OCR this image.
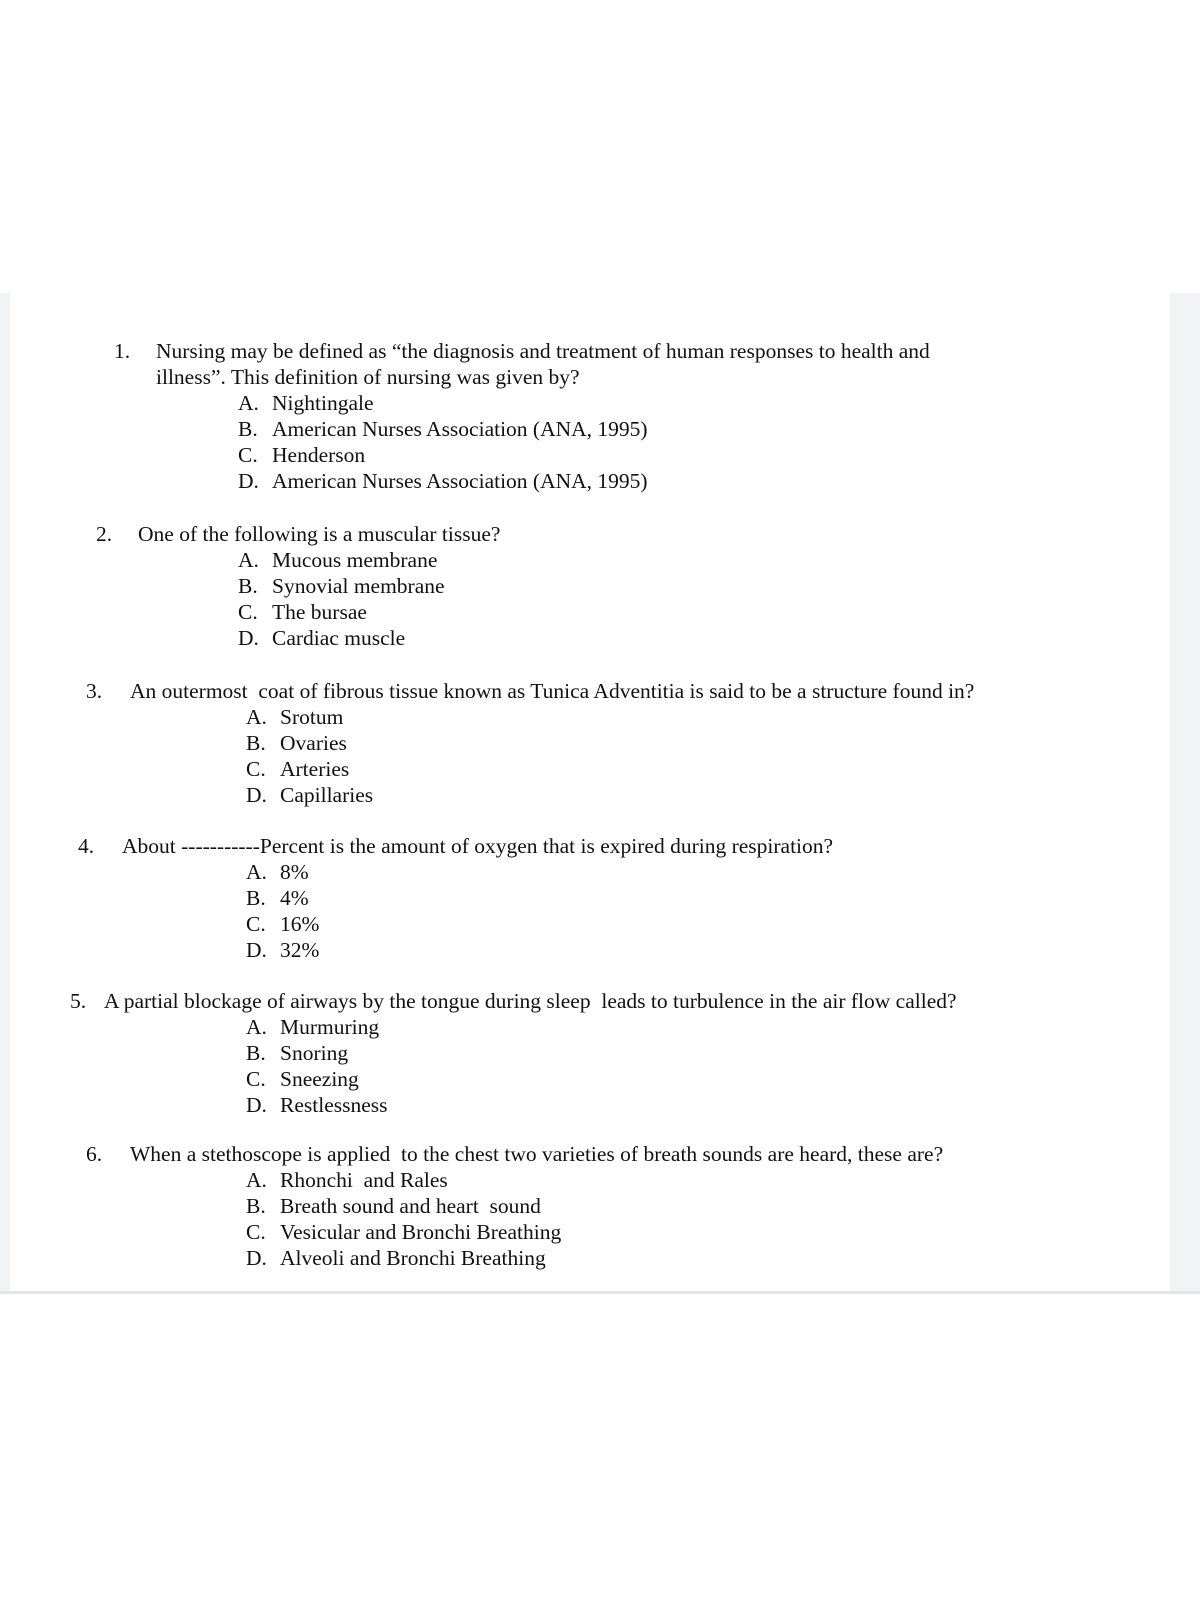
1.	Nursing may be defined as “the diagnosis and treatment of human responses to health and
illness”. This definition of nursing was given by?
A. Nightingale
B. American Nurses Association (ANA, 1995)
C. Henderson
D. American Nurses Association (ANA, 1995)
2.	One of the following is a muscular tissue?
A. Mucous membrane
B. Synovial membrane
C. The bursae
D. Cardiac muscle
3.	An outermost  coat of fibrous tissue known as Tunica Adventitia is said to be a structure found in?
A. Srotum
B. Ovaries
C. Arteries
D. Capillaries
4.	About -----------Percent is the amount of oxygen that is expired during respiration?
A. 8%
B. 4%
C. 16%
D. 32%
5. A partial blockage of airways by the tongue during sleep  leads to turbulence in the air flow called?
A. Murmuring
B. Snoring
C. Sneezing
D. Restlessness
6.	When a stethoscope is applied  to the chest two varieties of breath sounds are heard, these are?
A. Rhonchi  and Rales
B. Breath sound and heart  sound
C. Vesicular and Bronchi Breathing
D. Alveoli and Bronchi Breathing
